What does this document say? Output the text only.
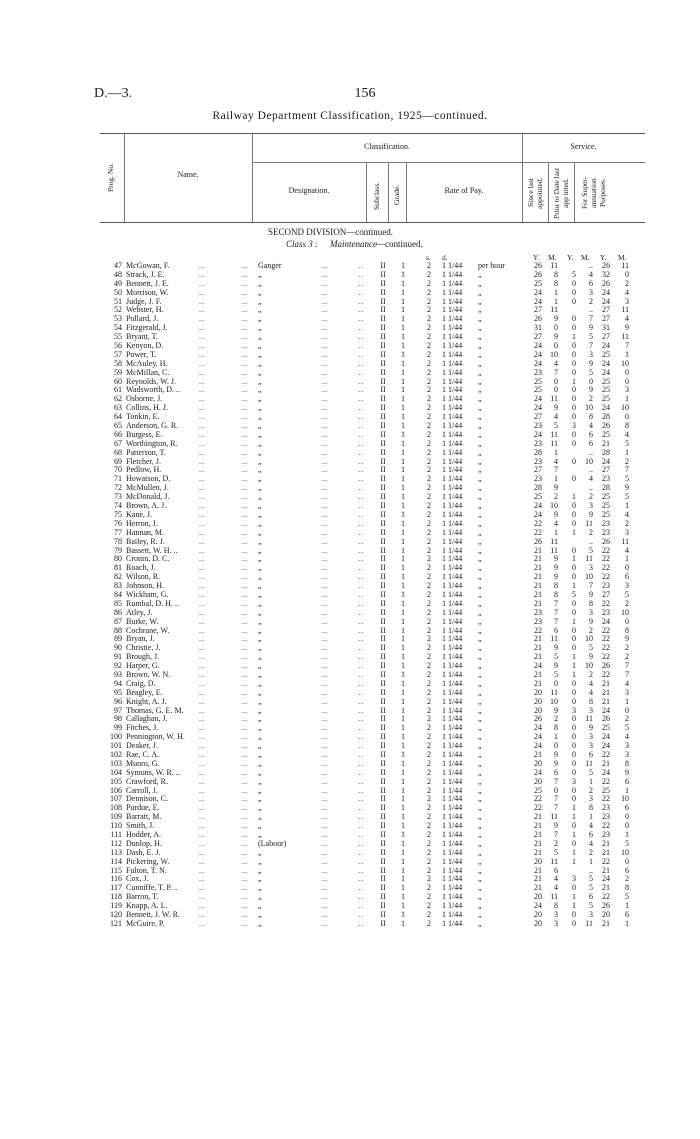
D.—3.	156
Railway Department Classification, 1925—continued.
Prog. No.	Name.
Classification.
Designation.	Subclass. Grade.	Rate of Pay.
Service.
Since last appointed. Prior to Date last app inted. For Super-annuation Purposes.
SECOND DIVISION—continued.
Class 3 : Maintenance —continued.
s. d.	Y. M. Y. M. Y. M.
47 McGowan, F.	Ganger	II	1	2 1 1/44	per hour	26	11	..	26	11
..	..	..	..
48 Strack, J. E.	„	II	1	2 1 1/44	„	26	8	5	4	32	0
..	..	..	..
49 Bennett, J. E.	„	II	1	2 1 1/44	„	25	8	0	6	26	2
..	..	..	..
50 Morrison, W.	„	II	1	2 1 1/44	„	24	1	0	3	24	4
..	..	..	..
51 Judge, J. F.	„	II	1	2 1 1/44	„	24	1	0	2	24	3
..	..	..	..
52 Webster, H.	„	II	1	2 1 1/44	„	27	11	..	27	11
..	..	..	..
53 Pollard, J.	„	II	1	2 1 1/44	„	26	9	0	7	27	4
..	..	..	..
54 Fitzgerald, J.	„	II	1	2 1 1/44	„	31	0	0	9	31	9
..	..	..	..
55 Bryant, T.	„	II	1	2 1 1/44	„	27	9	1	5	27	11
..	..	..	..
56 Kenyon, D.	„	II	1	2 1 1/44	„	24	0	0	7	24	7
..	..	..	..
57 Power, T.	„	II	1	2 1 1/44	„	24	10	0	3	25	1
..	..	..	..
58 McAuley, H.	„	II	1	2 1 1/44	„	24	4	0	9	24	10
..	..	..	..
59 McMillan, C.	„	II	1	2 1 1/44	„	23	7	0	5	24	0
..	..	..	..
60 Reynolds, W. J.	„	II	1	2 1 1/44	„	25	0	1	0	25	0
..	..	..	..
61 Wadsworth, D. ..	„	II	1	2 1 1/44	„	25	0	0	9	25	3
..	..	..	..
62 Osborne, J.	„	II	1	2 1 1/44	„	24	11	0	2	25	1
..	..	..	..
63 Collins, H. J.	„	II	1	2 1 1/44	„	24	9	0	10	24	10
..	..	..	..
64 Tonkin, E.	„	II	1	2 1 1/44	„	27	4	0	8	28	0
..	..	..	..
65 Anderson, G. R.	„	II	1	2 1 1/44	„	23	5	3	4	26	8
..	..	..	..
66 Burgess, E.	„	II	1	2 1 1/44	„	24	11	0	6	25	4
..	..	..	..
67 Worthington, R.	„	II	1	2 1 1/44	„	23	11	0	6	21	5
..	..	..	..
68 Patterson, T.	„	II	1	2 1 1/44	„	28	1	..	28	1
..	..	..	..
69 Fletcher, J.	„	II	1	2 1 1/44	„	23	4	0	10	24	2
..	..	..	..
70 Pedlow, H.	„	II	1	2 1 1/44	„	27	7	..	27	7
..	..	..	..
71 Howatson, D.	„	II	1	2 1 1/44	„	23	1	0	4	23	5
..	..	..	..
72 McMullen, J.	„	II	1	2 1 1/44	„	28	9	..	28	9
..	..	..	..
73 McDonald, J.	„	II	1	2 1 1/44	„	25	2	1	2	25	5
..	..	..	..
74 Brown, A. J.	„	II	1	2 1 1/44	„	24	10	0	3	25	1
..	..	..	..
75 Kane, J.	„	II	1	2 1 1/44	„	24	9	0	9	25	4
..	..	..	..
76 Herron, J.	„	II	1	2 1 1/44	„	22	4	0	11	23	2
..	..	..	..
77 Hannan, M.	„	II	1	2 1 1/44	„	22	1	1	2	23	3
..	..	..	..
78 Bailey, R. J.	„	II	1	2 1 1/44	„	26	11	..	26	11
..	..	..	..
79 Bassett, W. H. ..	„	II	1	2 1 1/44	„	21	11	0	5	22	4
..	..	..	..
80 Cronin, D. C.	„	II	1	2 1 1/44	„	21	9	1	11	22	1
..	..	..	..
81 Roach, J.	„	II	1	2 1 1/44	„	21	9	0	3	22	0
..	..	..	..
82 Wilson, R.	„	II	1	2 1 1/44	„	21	9	0	10	22	6
..	..	..	..
83 Johnson, H.	„	II	1	2 1 1/44	„	21	8	1	7	23	3
..	..	..	..
84 Wickham, G.	„	II	1	2 1 1/44	„	21	8	5	9	27	5
..	..	..	..
85 Rumbal, D. H. ..	„	II	1	2 1 1/44	„	21	7	0	8	22	2
..	..	..	..
86 Atley, J.	„	II	1	2 1 1/44	„	23	7	0	3	23	10
..	..	..	..
87 Burke, W.	„	II	1	2 1 1/44	„	23	7	1	9	24	0
..	..	..	..
88 Cochrane, W.	„	II	1	2 1 1/44	„	22	6	0	2	22	8
..	..	..	..
89 Bryan, J.	„	II	1	2 1 1/44	„	21	11	0	10	22	9
..	..	..	..
90 Christie, J.	„	II	1	2 1 1/44	„	21	9	0	5	22	2
..	..	..	..
91 Brough, J.	„	II	1	2 1 1/44	„	21	5	1	9	22	2
..	..	..	..
92 Harper, G.	„	II	1	2 1 1/44	„	24	9	1	10	26	7
..	..	..	..
93 Brown, W. N.	„	II	1	2 1 1/44	„	21	5	1	2	22	7
..	..	..	..
94 Craig, D.	„	II	1	2 1 1/44	„	21	0	0	4	21	4
..	..	..	..
95 Beagley, E.	„	II	1	2 1 1/44	„	20	11	0	4	21	3
..	..	..	..
96 Knight, A. J.	„	II	1	2 1 1/44	„	20	10	0	8	21	1
..	..	..	..
97 Thomas, G. E. M.	„	II	1	2 1 1/44	„	20	9	3	3	24	0
..	..	..	..
98 Callaghan, J.	„	II	1	2 1 1/44	„	26	2	0	11	26	2
..	..	..	..
99 Fitches, J.	„	II	1	2 1 1/44	„	24	8	0	9	25	5
..	..	..	..
100 Pennington, W. H.	„	II	1	2 1 1/44	„	24	1	0	3	24	4
..	..	..	..
101 Deaker, J.	„	II	1	2 1 1/44	„	24	0	0	3	24	3
..	..	..	..
102 Rae, C. A.	„	II	1	2 1 1/44	„	21	9	0	6	22	3
..	..	..	..
103 Munro, G.	„	II	1	2 1 1/44	„	20	9	0	11	21	8
..	..	..	..
104 Symons, W. R. ..	„	II	1	2 1 1/44	„	24	6	0	5	24	9
..	..	..	..
105 Crawford, R.	„	II	1	2 1 1/44	„	20	7	3	1	22	6
..	..	..	..
106 Carroll, J.	„	II	1	2 1 1/44	„	25	0	0	2	25	1
..	..	..	..
107 Dennison, C.	„	II	1	2 1 1/44	„	22	7	0	3	22	10
..	..	..	..
108 Purdue, E.	„	II	1	2 1 1/44	„	22	7	1	8	23	6
..	..	..	..
109 Barratt, M.	„	II	1	2 1 1/44	„	21	11	1	1	23	0
..	..	..	..
110 Smith, J.	„	II	1	2 1 1/44	„	21	9	0	4	22	0
..	..	..	..
111 Hodder, A.	„	II	1	2 1 1/44	„	21	7	1	6	23	1
..	..	..	..
112 Dunlop, H.	(Labour)	II	1	2 1 1/44	„	21	2	0	4	21	5
..	..	..	..
113 Dash, E. J.	„	II	1	2 1 1/44	„	21	5	1	2	21	10
..	..	..	..
114 Pickering, W.	„	II	1	2 1 1/44	„	20	11	1	1	22	0
..	..	..	..
115 Fulton, T. N.	„	II	1	2 1 1/44	„	21	6	..	21	6
..	..	..	..
116 Cox, J.	„	II	1	2 1 1/44	„	21	4	3	5	24	2
..	..	..	..
117 Cunniffe, T. P. ..	„	II	1	2 1 1/44	„	21	4	0	5	21	8
..	..	..	..
118 Barron, T.	„	II	1	2 1 1/44	„	20	11	1	6	22	5
..	..	..	..
119 Knapp, A. L.	„	II	1	2 1 1/44	„	24	8	1	5	26	1
..	..	..	..
120 Bennett, J. W. R.	„	II	1	2 1 1/44	„	20	3	0	3	20	6
..	..	..	..
121 McGuire, P.	„	II	1	2 1 1/44	„	20	3	0	11	21	1
..	..	..	..
